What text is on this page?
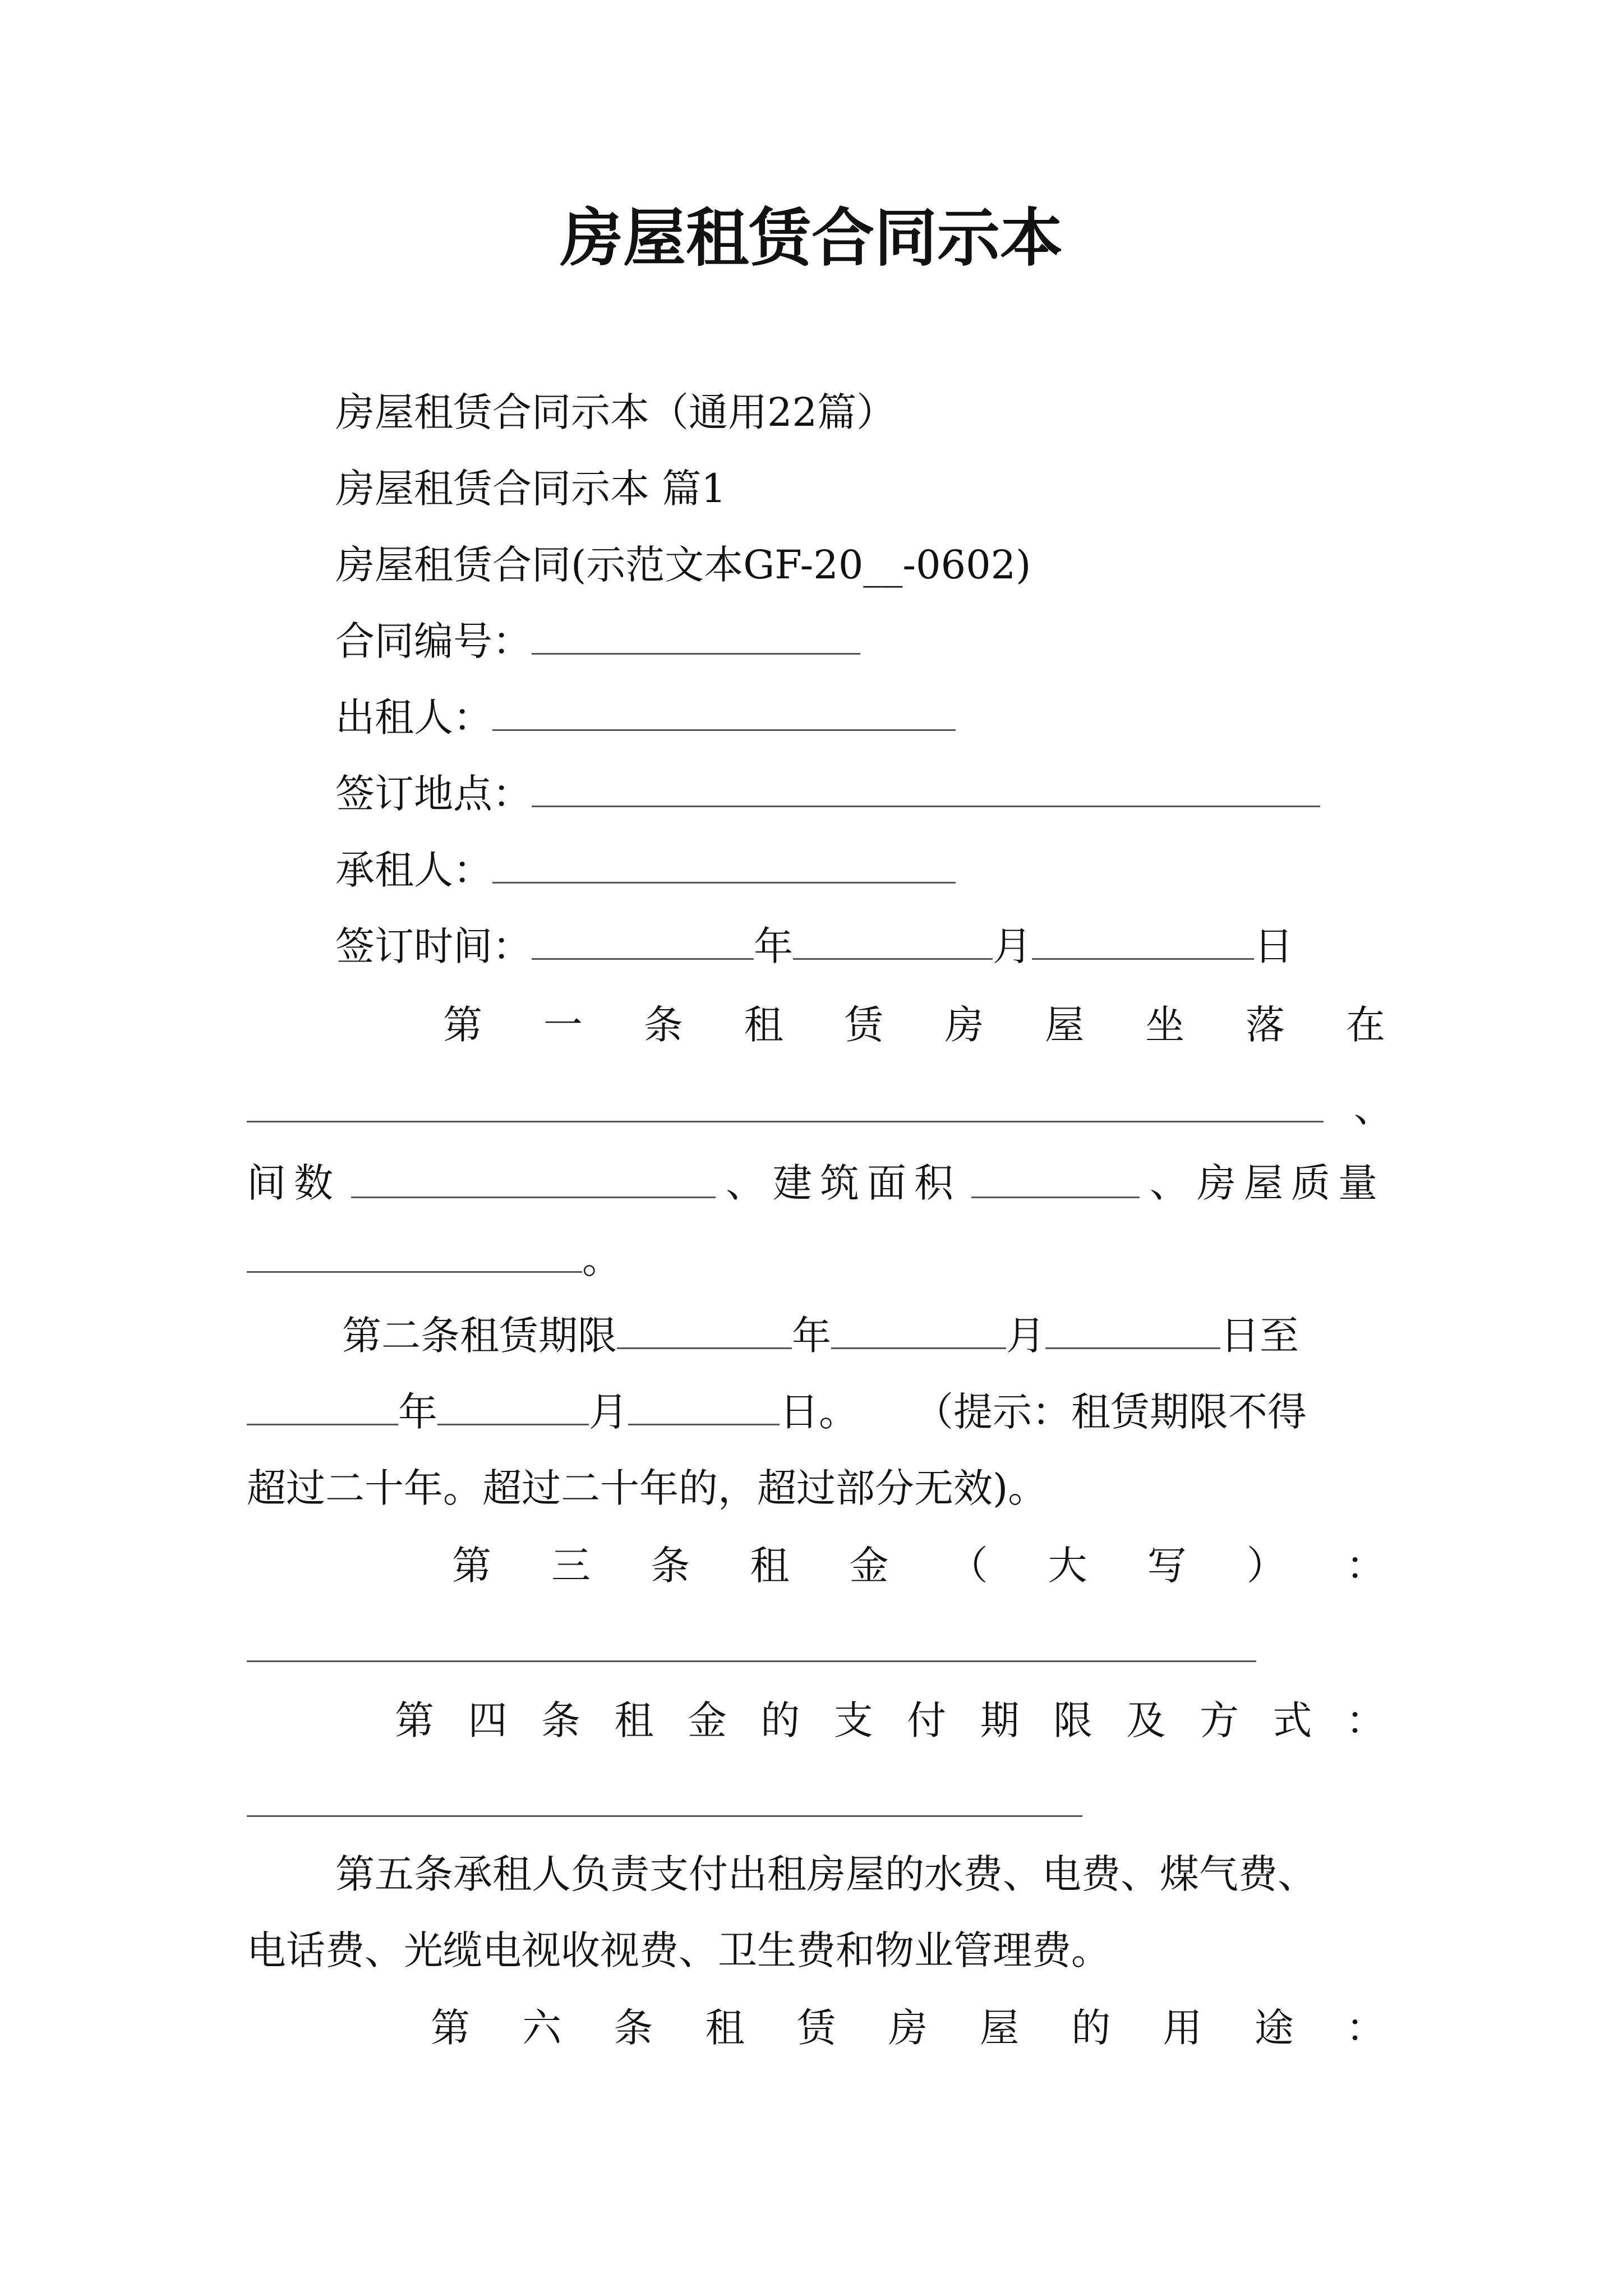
房屋租赁合同示本
房屋租赁合同示本（通用22篇）
房屋租赁合同示本 篇1
房屋租赁合同(示范文本GF-20__-0602)
合同编号：
出租人：
签订地点：
承租人：
签订时间：	年	月	日
第 一 条 租 赁 房 屋 坐 落 在
、
间数	、建筑面积	、房屋质量
。
第二条租赁期限	年	月	日至
年	月	日。 （提示：租赁期限不得
超过二十年。超过二十年的，超过部分无效)。
第 三 条 租 金 （ 大 写 ） ：
第 四 条 租 金 的 支 付 期 限 及 方 式 ：
第五条承租人负责支付出租房屋的水费、电费、煤气费、
电话费、光缆电视收视费、卫生费和物业管理费。
第 六 条 租 赁 房 屋 的 用 途 ：
